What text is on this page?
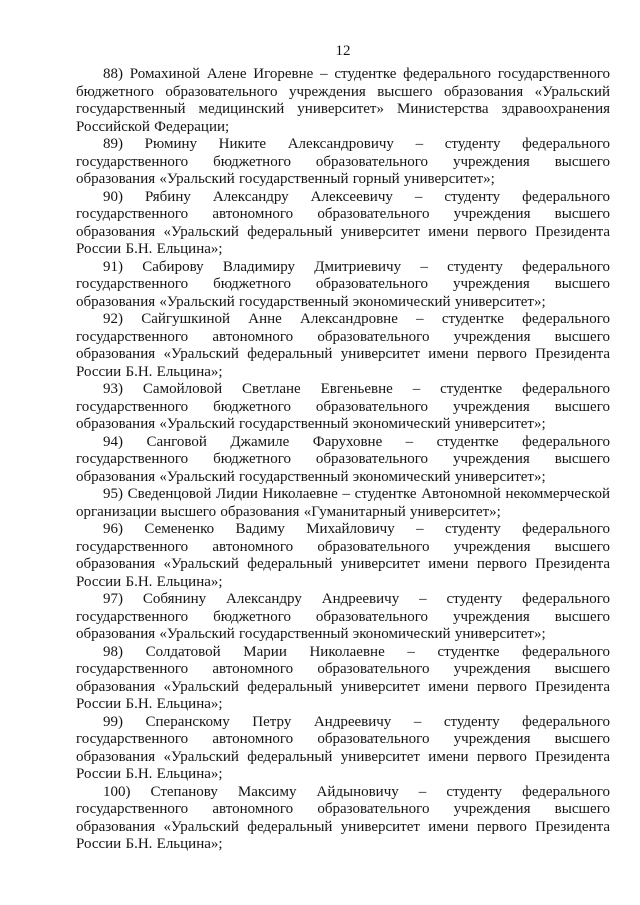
12

88) Ромахиной Алене Игоревне – студентке федерального государственного бюджетного образовательного учреждения высшего образования «Уральский государственный медицинский университет» Министерства здравоохранения Российской Федерации;

89) Рюмину Никите Александровичу – студенту федерального государственного бюджетного образовательного учреждения высшего образования «Уральский государственный горный университет»;

90) Рябину Александру Алексеевичу – студенту федерального государственного автономного образовательного учреждения высшего образования «Уральский федеральный университет имени первого Президента России Б.Н. Ельцина»;

91) Сабирову Владимиру Дмитриевичу – студенту федерального государственного бюджетного образовательного учреждения высшего образования «Уральский государственный экономический университет»;

92) Сайгушкиной Анне Александровне – студентке федерального государственного автономного образовательного учреждения высшего образования «Уральский федеральный университет имени первого Президента России Б.Н. Ельцина»;

93) Самойловой Светлане Евгеньевне – студентке федерального государственного бюджетного образовательного учреждения высшего образования «Уральский государственный экономический университет»;

94) Санговой Джамиле Фаруховне – студентке федерального государственного бюджетного образовательного учреждения высшего образования «Уральский государственный экономический университет»;

95) Сведенцовой Лидии Николаевне – студентке Автономной некоммерческой организации высшего образования «Гуманитарный университет»;

96) Семененко Вадиму Михайловичу – студенту федерального государственного автономного образовательного учреждения высшего образования «Уральский федеральный университет имени первого Президента России Б.Н. Ельцина»;

97) Собянину Александру Андреевичу – студенту федерального государственного бюджетного образовательного учреждения высшего образования «Уральский государственный экономический университет»;

98) Солдатовой Марии Николаевне – студентке федерального государственного автономного образовательного учреждения высшего образования «Уральский федеральный университет имени первого Президента России Б.Н. Ельцина»;

99) Сперанскому Петру Андреевичу – студенту федерального государственного автономного образовательного учреждения высшего образования «Уральский федеральный университет имени первого Президента России Б.Н. Ельцина»;

100) Степанову Максиму Айдыновичу – студенту федерального государственного автономного образовательного учреждения высшего образования «Уральский федеральный университет имени первого Президента России Б.Н. Ельцина»;
